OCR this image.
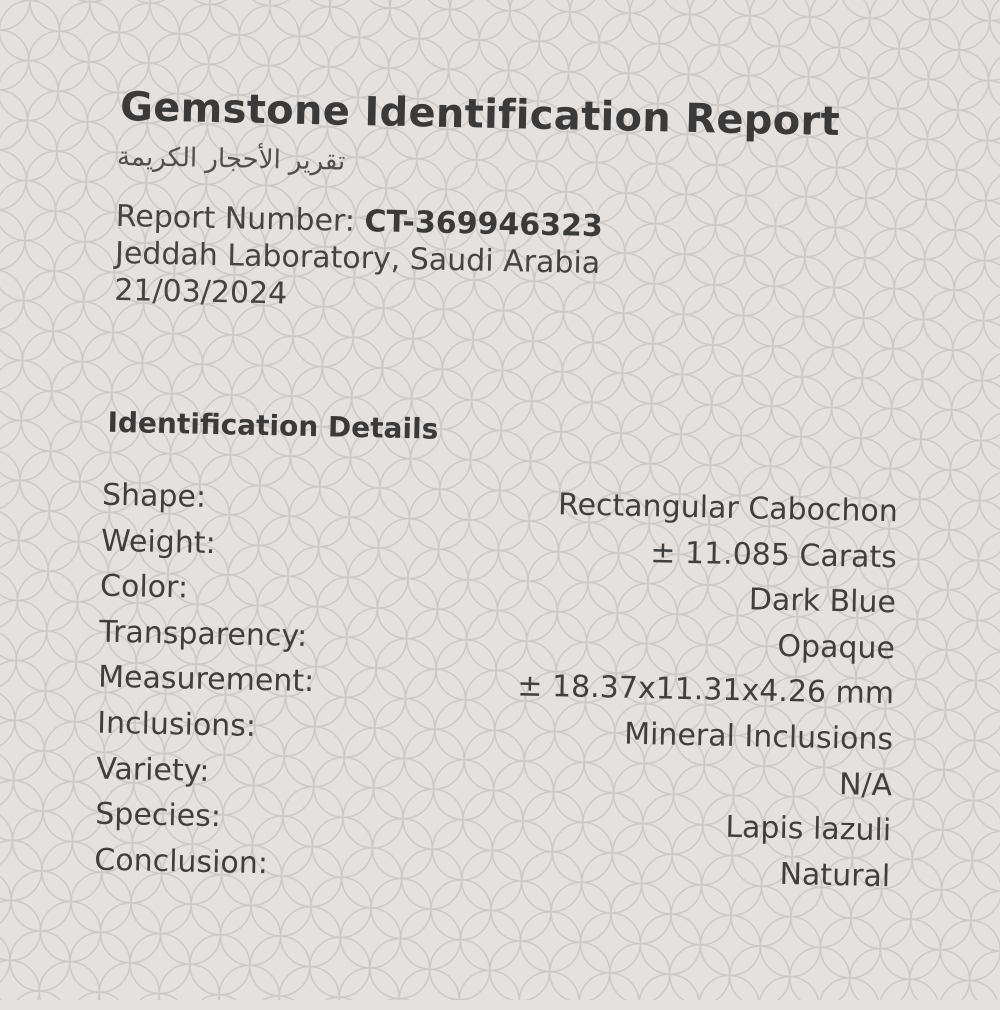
Gemstone Identification Report
تقرير الأحجار الكريمة
Report Number: CT-369946323
Jeddah Laboratory, Saudi Arabia
21/03/2024
Identification Details
Shape:	Rectangular Cabochon
Weight:	± 11.085 Carats
Color:	Dark Blue
Transparency:	Opaque
Measurement:	± 18.37x11.31x4.26 mm
Inclusions:	Mineral Inclusions
Variety:	N/A
Species:	Lapis lazuli
Conclusion:	Natural
